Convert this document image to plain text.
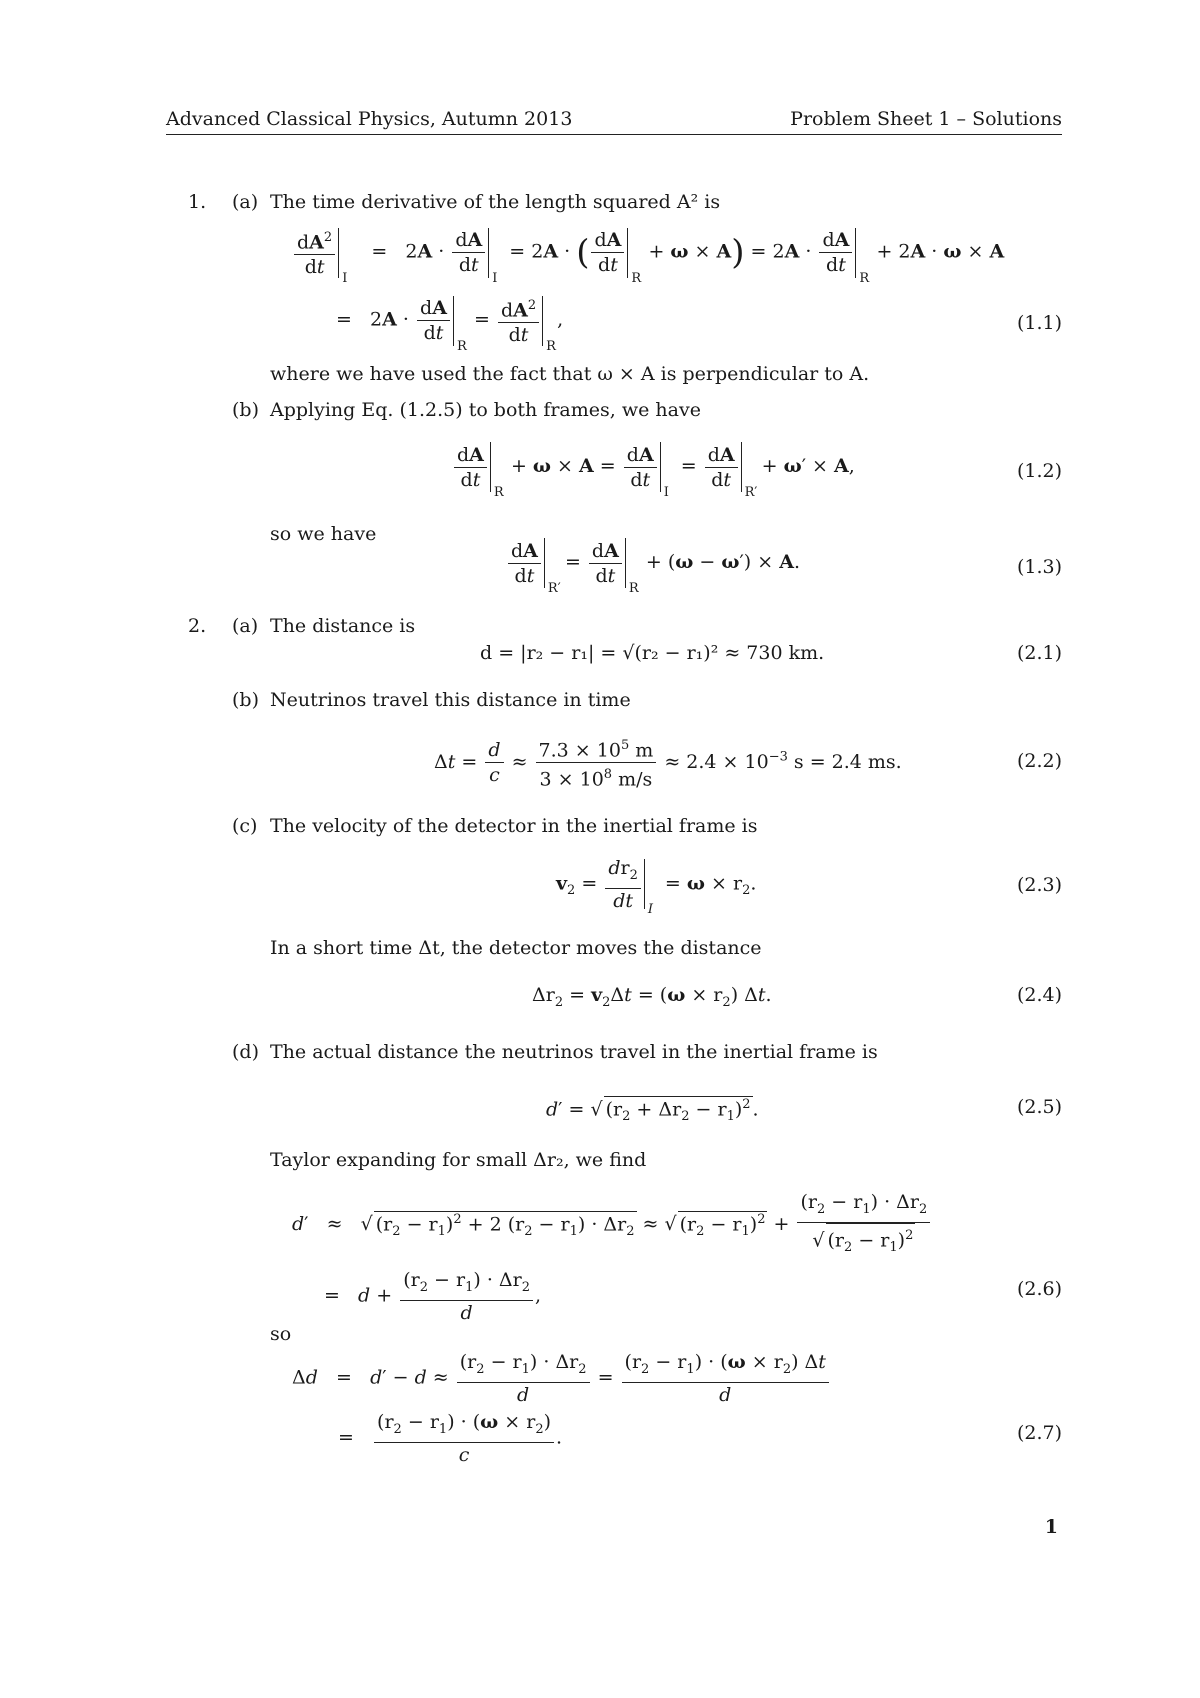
Advanced Classical Physics, Autumn 2013	Problem Sheet 1 – Solutions
1. (a) The time derivative of the length squared A² is
$\frac{dA^2}{dt}$ I
=   $2A \cdot \frac{dA}{dt}$
I
= 2A · ( $\frac{dA}{dt}$
R
+ $\omega \times A) = 2A \cdot \frac{dA}{dt}$
R
+ 2A · ω × A
=   $2A \cdot \frac{dA}{dt}$
R
= $\frac{dA^2}{dt}$ R
,	(1.1)
where we have used the fact that ω × A is perpendicular to A.
(b) Applying Eq. (1.2.5) to both frames, we have
$\frac{dA}{dt}$
R
+ $\omega \times A = \frac{dA}{dt}$
I
= $\frac{dA}{dt}$
R′
+ ω′ × A,	(1.2)
so we have
$\frac{dA}{dt}$
R′
= $\frac{dA}{dt}$
R
+ (ω − ω′) × A.	(1.3)
2. (a) The distance is
d = |r₂ − r₁| = √(r₂ − r₁)² ≈ 730 km.	(2.1)
(b) Neutrinos travel this distance in time
$\Delta t = \frac{d}{c} \approx \frac{7.3 \times 10^5 m}{3 \times 10^8 m/s} \approx 2.4 \times 10^{-3}$ s = 2.4 ms.	(2.2)
(c) The velocity of the detector in the inertial frame is
$v_2 = \frac{dr_2}{dt}$ I
= $\omega \times r_2$.	(2.3)
In a short time Δt, the detector moves the distance
$\Delta r_2 = v_2\Delta t = (\omega \times r_2)$ Δt.	(2.4)
(d) The actual distance the neutrinos travel in the inertial frame is
d′ = √ $(r_2 + \Delta r_2 - r_1)^2$ .	(2.5)
Taylor expanding for small Δr₂, we find
d′   ≈   √ $(r_2 - r_1)^2 + 2$ $(r_2 - r_1) \cdot \Delta r_2$ ≈ √ $(r_2 - r_1)^2 + \frac{(r_2 - r_1) \cdot \Delta r_2}{√ (r_2 - r_1)^2}$
=   $d + \frac{(r_2 - r_1) \cdot \Delta r_2}{d}$ ,	(2.6)
so
$\Delta d = d' - d \approx \frac{(r_2 - r_1) \cdot \Delta r_2}{d} = \frac{(r_2 - r_1) \cdot (\omega \times r_2) \Delta t}{d}$
= $\frac{(r_2 - r_1) \cdot (\omega \times r_2)}{c}$ .	(2.7)
1
